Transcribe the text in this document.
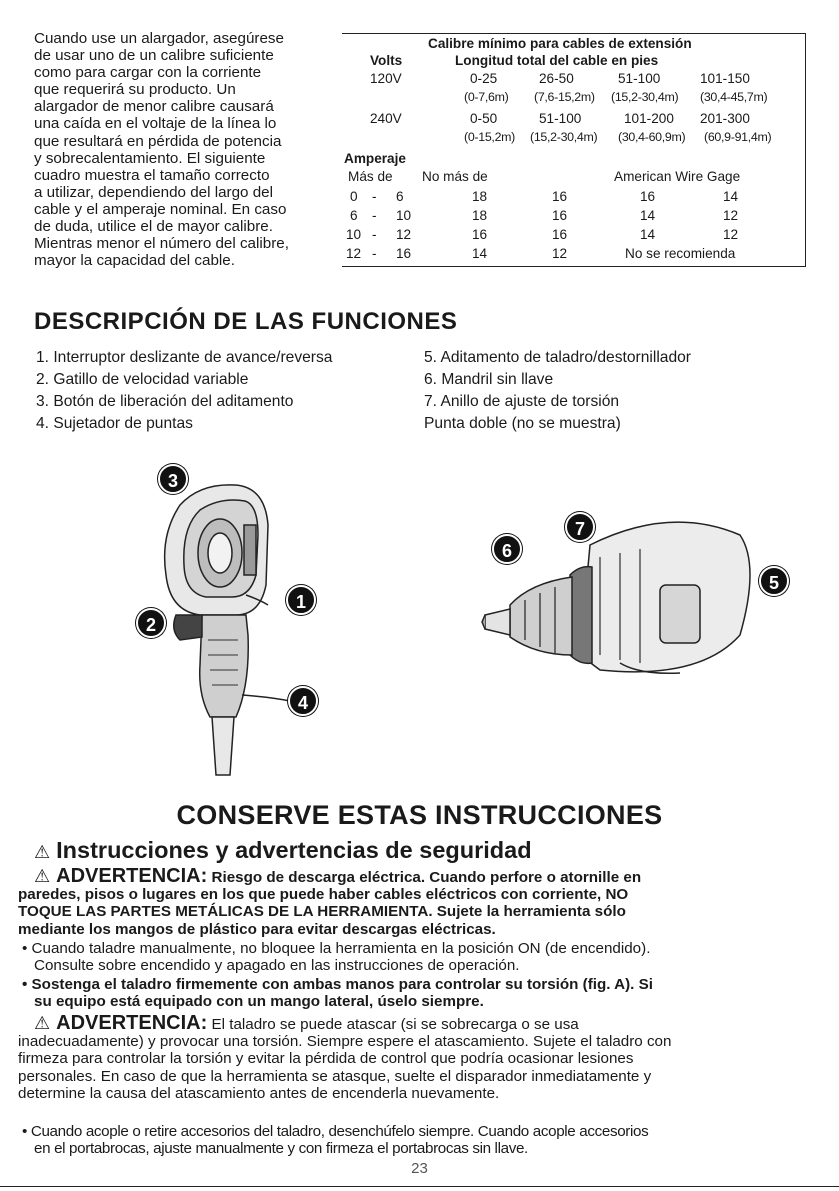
Cuando use un alargador, asegúrese
de usar uno de un calibre suficiente
como para cargar con la corriente
que requerirá su producto. Un
alargador de menor calibre causará
una caída en el voltaje de la línea lo
que resultará en pérdida de potencia
y sobrecalentamiento. El siguiente
cuadro muestra el tamaño correcto
a utilizar, dependiendo del largo del
cable y el amperaje nominal. En caso
de duda, utilice el de mayor calibre.
Mientras menor el número del calibre,
mayor la capacidad del cable.
Calibre mínimo para cables de extensión
Volts	Longitud total del cable en pies
120V	0-25	26-50	51-100	101-150
(0-7,6m) (7,6-15,2m) (15,2-30,4m) (30,4-45,7m)
240V	0-50	51-100	101-200 201-300
(0-15,2m) (15,2-30,4m) (30,4-60,9m) (60,9-91,4m)
Amperaje
Más de No más de	American Wire Gage
0 - 6	18	16	16	14
6 - 10	18	16	14	12
10 - 12	16	16	14	12
12 - 16	14	12	No se recomienda
DESCRIPCIÓN DE LAS FUNCIONES
1. Interruptor deslizante de avance/reversa
2. Gatillo de velocidad variable
3. Botón de liberación del aditamento
4. Sujetador de puntas
5. Aditamento de taladro/destornillador
6. Mandril sin llave
7. Anillo de ajuste de torsión
Punta doble (no se muestra)
3
2
1
4
6
7
5
CONSERVE ESTAS INSTRUCCIONES
⚠ Instrucciones y advertencias de seguridad
⚠ ADVERTENCIA: Riesgo de descarga eléctrica. Cuando perfore o atornille en
paredes, pisos o lugares en los que puede haber cables eléctricos con corriente, NO
TOQUE LAS PARTES METÁLICAS DE LA HERRAMIENTA. Sujete la herramienta sólo
mediante los mangos de plástico para evitar descargas eléctricas.
• Cuando taladre manualmente, no bloquee la herramienta en la posición ON (de encendido).
Consulte sobre encendido y apagado en las instrucciones de operación.
• Sostenga el taladro firmemente con ambas manos para controlar su torsión (fig. A). Si
su equipo está equipado con un mango lateral, úselo siempre.
⚠ ADVERTENCIA: El taladro se puede atascar (si se sobrecarga o se usa
inadecuadamente) y provocar una torsión. Siempre espere el atascamiento. Sujete el taladro con
firmeza para controlar la torsión y evitar la pérdida de control que podría ocasionar lesiones
personales. En caso de que la herramienta se atasque, suelte el disparador inmediatamente y
determine la causa del atascamiento antes de encenderla nuevamente.
• Cuando acople o retire accesorios del taladro, desenchúfelo siempre. Cuando acople accesorios
en el portabrocas, ajuste manualmente y con firmeza el portabrocas sin llave.
23
